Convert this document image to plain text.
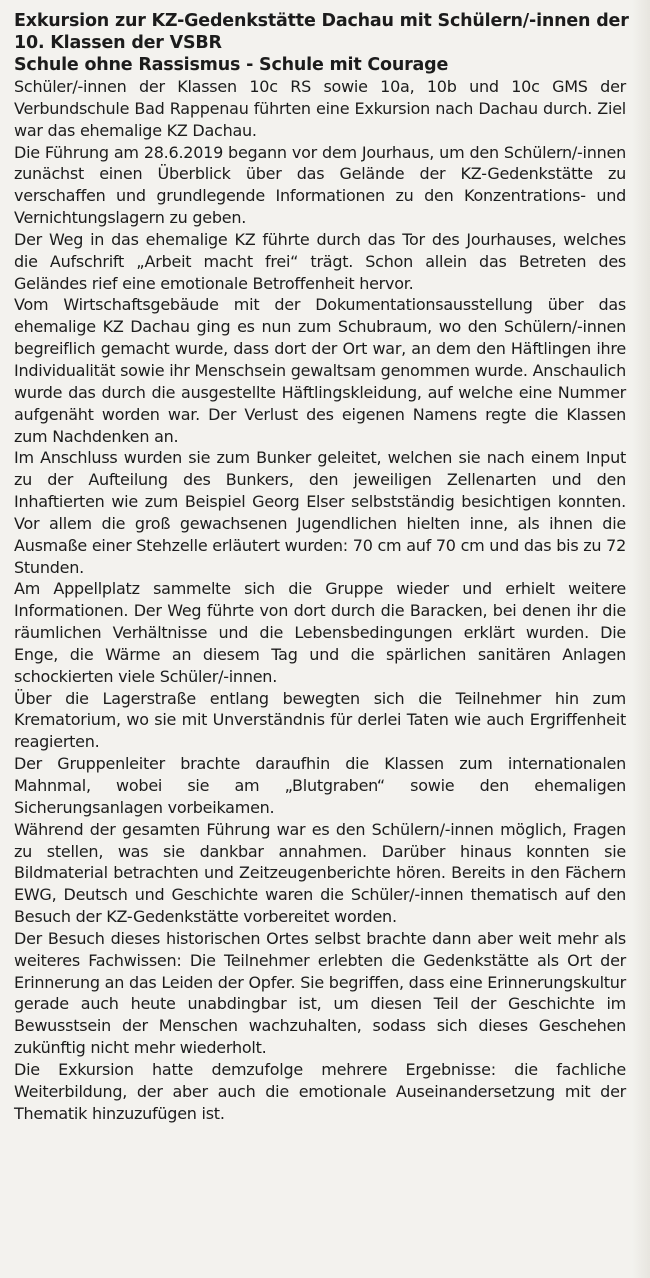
Exkursion zur KZ-Gedenkstätte Dachau mit Schülern/-innen der
10. Klassen der VSBR
Schule ohne Rassismus - Schule mit Courage

Schüler/-innen der Klassen 10c RS sowie 10a, 10b und 10c GMS der Verbundschule Bad Rappenau führten eine Exkursion nach Dachau durch. Ziel war das ehemalige KZ Dachau.

Die Führung am 28.6.2019 begann vor dem Jourhaus, um den Schülern/-innen zunächst einen Überblick über das Gelände der KZ-Gedenkstätte zu verschaffen und grundlegende Informationen zu den Konzentrations- und Vernichtungslagern zu geben.

Der Weg in das ehemalige KZ führte durch das Tor des Jourhauses, welches die Aufschrift „Arbeit macht frei“ trägt. Schon allein das Betreten des Geländes rief eine emotionale Betroffenheit hervor.

Vom Wirtschaftsgebäude mit der Dokumentationsausstellung über das ehemalige KZ Dachau ging es nun zum Schubraum, wo den Schülern/-innen begreiflich gemacht wurde, dass dort der Ort war, an dem den Häftlingen ihre Individualität sowie ihr Menschsein gewaltsam genommen wurde. Anschaulich wurde das durch die ausgestellte Häftlingskleidung, auf welche eine Nummer aufgenäht worden war. Der Verlust des eigenen Namens regte die Klassen zum Nachdenken an.

Im Anschluss wurden sie zum Bunker geleitet, welchen sie nach einem Input zu der Aufteilung des Bunkers, den jeweiligen Zellenarten und den Inhaftierten wie zum Beispiel Georg Elser selbstständig besichtigen konnten. Vor allem die groß gewachsenen Jugendlichen hielten inne, als ihnen die Ausmaße einer Stehzelle erläutert wurden: 70 cm auf 70 cm und das bis zu 72 Stunden.

Am Appellplatz sammelte sich die Gruppe wieder und erhielt weitere Informationen. Der Weg führte von dort durch die Baracken, bei denen ihr die räumlichen Verhältnisse und die Lebensbedingungen erklärt wurden. Die Enge, die Wärme an diesem Tag und die spärlichen sanitären Anlagen schockierten viele Schüler/-innen.

Über die Lagerstraße entlang bewegten sich die Teilnehmer hin zum Krematorium, wo sie mit Unverständnis für derlei Taten wie auch Ergriffenheit reagierten.

Der Gruppenleiter brachte daraufhin die Klassen zum internationalen Mahnmal, wobei sie am „Blutgraben“ sowie den ehemaligen Sicherungsanlagen vorbeikamen.

Während der gesamten Führung war es den Schülern/-innen möglich, Fragen zu stellen, was sie dankbar annahmen. Darüber hinaus konnten sie Bildmaterial betrachten und Zeitzeugenberichte hören. Bereits in den Fächern EWG, Deutsch und Geschichte waren die Schüler/-innen thematisch auf den Besuch der KZ-Gedenkstätte vorbereitet worden.

Der Besuch dieses historischen Ortes selbst brachte dann aber weit mehr als weiteres Fachwissen: Die Teilnehmer erlebten die Gedenkstätte als Ort der Erinnerung an das Leiden der Opfer. Sie begriffen, dass eine Erinnerungskultur gerade auch heute unabdingbar ist, um diesen Teil der Geschichte im Bewusstsein der Menschen wachzuhalten, sodass sich dieses Geschehen zukünftig nicht mehr wiederholt.

Die Exkursion hatte demzufolge mehrere Ergebnisse: die fachliche Weiterbildung, der aber auch die emotionale Auseinandersetzung mit der Thematik hinzuzufügen ist.
